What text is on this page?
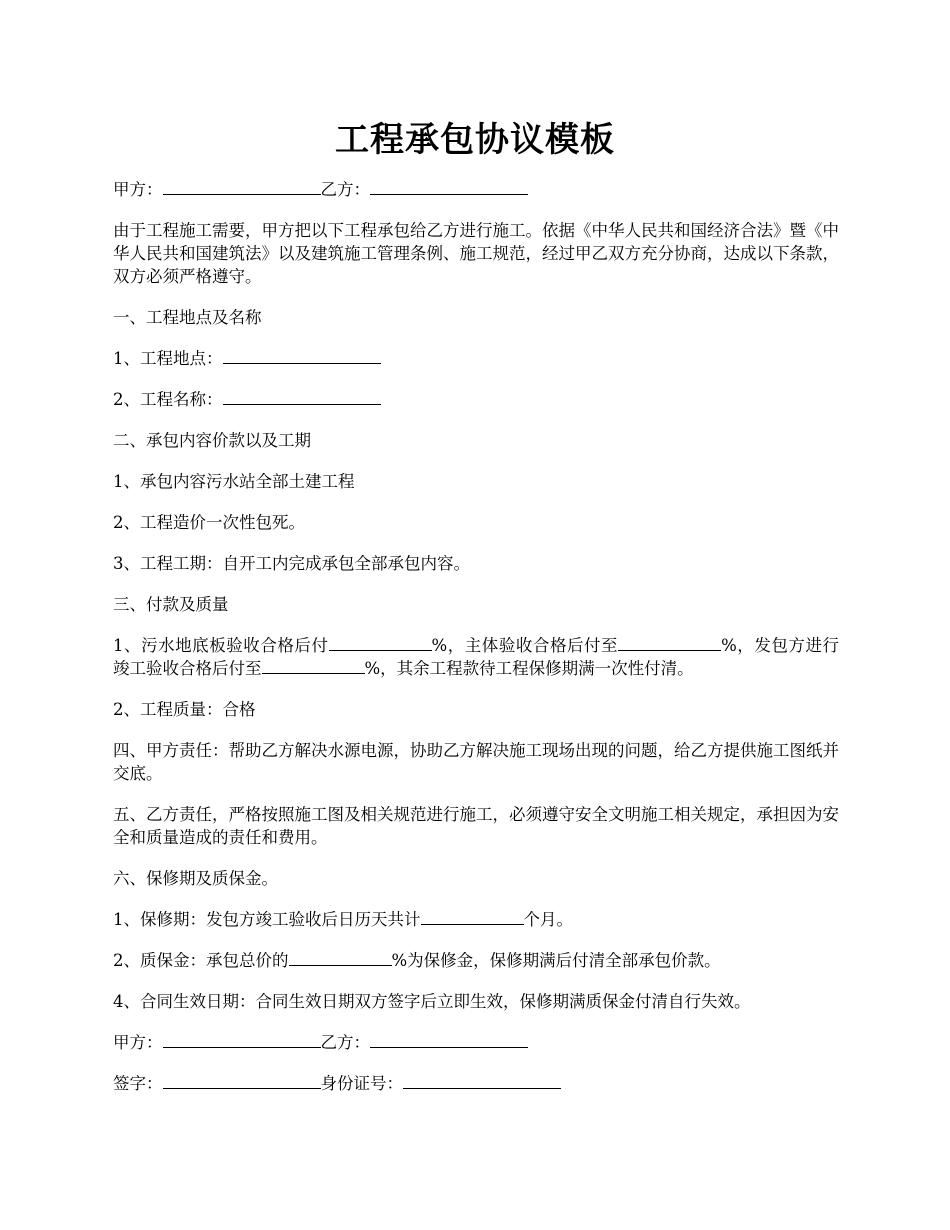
工程承包协议模板

甲方：	乙方：

由于工程施工需要，甲方把以下工程承包给乙方进行施工。依据《中华人民共和国经济合法》暨《中华人民共和国建筑法》以及建筑施工管理条例、施工规范，经过甲乙双方充分协商，达成以下条款，双方必须严格遵守。

一、工程地点及名称

1、工程地点：

2、工程名称：

二、承包内容价款以及工期

1、承包内容污水站全部土建工程

2、工程造价一次性包死。

3、工程工期：自开工内完成承包全部承包内容。

三、付款及质量

1、污水地底板验收合格后付	%，主体验收合格后付至	%，发包方进行竣工验收合格后付至	%，其余工程款待工程保修期满一次性付清。

2、工程质量：合格

四、甲方责任：帮助乙方解决水源电源，协助乙方解决施工现场出现的问题，给乙方提供施工图纸并交底。

五、乙方责任，严格按照施工图及相关规范进行施工，必须遵守安全文明施工相关规定，承担因为安全和质量造成的责任和费用。

六、保修期及质保金。

1、保修期：发包方竣工验收后日历天共计	个月。

2、质保金：承包总价的	%为保修金，保修期满后付清全部承包价款。

4、合同生效日期：合同生效日期双方签字后立即生效，保修期满质保金付清自行失效。

甲方：	乙方：

签字：	身份证号：
